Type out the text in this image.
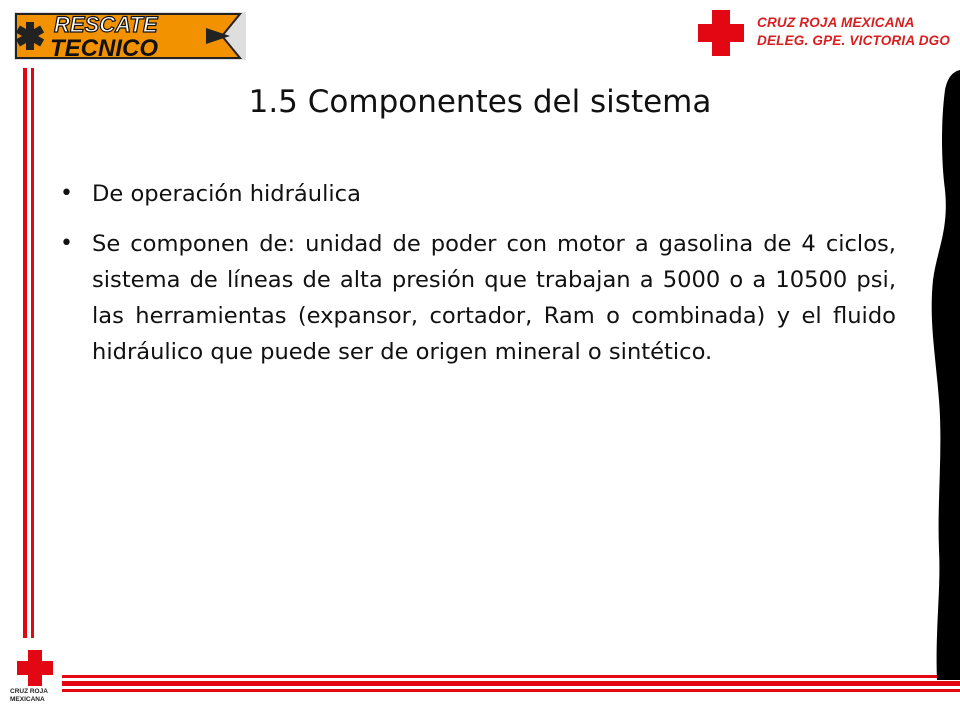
RESCATE
TECNICO
CRUZ ROJA MEXICANA
DELEG. GPE. VICTORIA DGO
CRUZ ROJA
MEXICANA
1.5 Componentes del sistema
• De operación hidráulica
• Se componen de: unidad de poder con motor a gasolina de 4 ciclos, sistema de líneas de alta presión que trabajan a 5000 o a 10500 psi, las herramientas (expansor, cortador, Ram o combinada) y el fluido hidráulico que puede ser de origen mineral o sintético.
